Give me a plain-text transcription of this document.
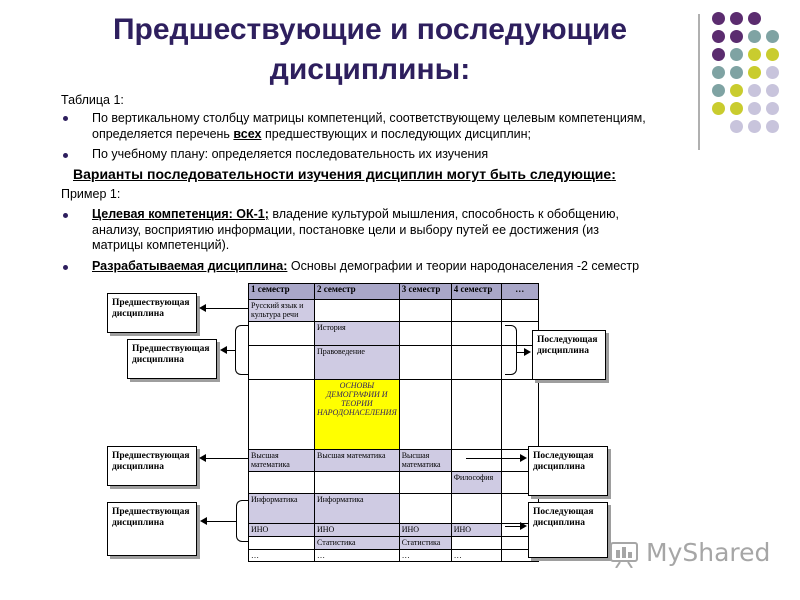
Предшествующие и последующие
дисциплины:
Таблица 1:
По вертикальному столбцу матрицы компетенций, соответствующему целевым компетенциям,
определяется перечень всех предшествующих и последующих дисциплин;
По учебному плану: определяется последовательность их изучения
Варианты последовательности изучения дисциплин могут быть следующие:
Пример 1:
Целевая компетенция: ОК-1; владение культурой мышления, способность к обобщению,
анализу, восприятию информации, постановке цели и выбору путей ее достижения (из
матрицы компетенций).
Разрабатываемая дисциплина: Основы демографии и теории народонаселения -2 семестр
1 семестр	2 семестр	3 семестр	4 семестр	…
Русский язык и культура речи				
	История			
	Правоведение			
	ОСНОВЫ ДЕМОГРАФИИ И ТЕОРИИ НАРОДОНАСЕЛЕНИЯ			
Высшая математика	Высшая математика	Высшая математика		
			Философия	
Информатика	Информатика			
ИНО	ИНО	ИНО	ИНО	
	Статистика	Статистика		
…	…	…	…	
Предшествующая дисциплина
Предшествующая дисциплина
Предшествующая дисциплина
Предшествующая дисциплина
Последующая дисциплина
Последующая дисциплина
Последующая дисциплина
MyShared
